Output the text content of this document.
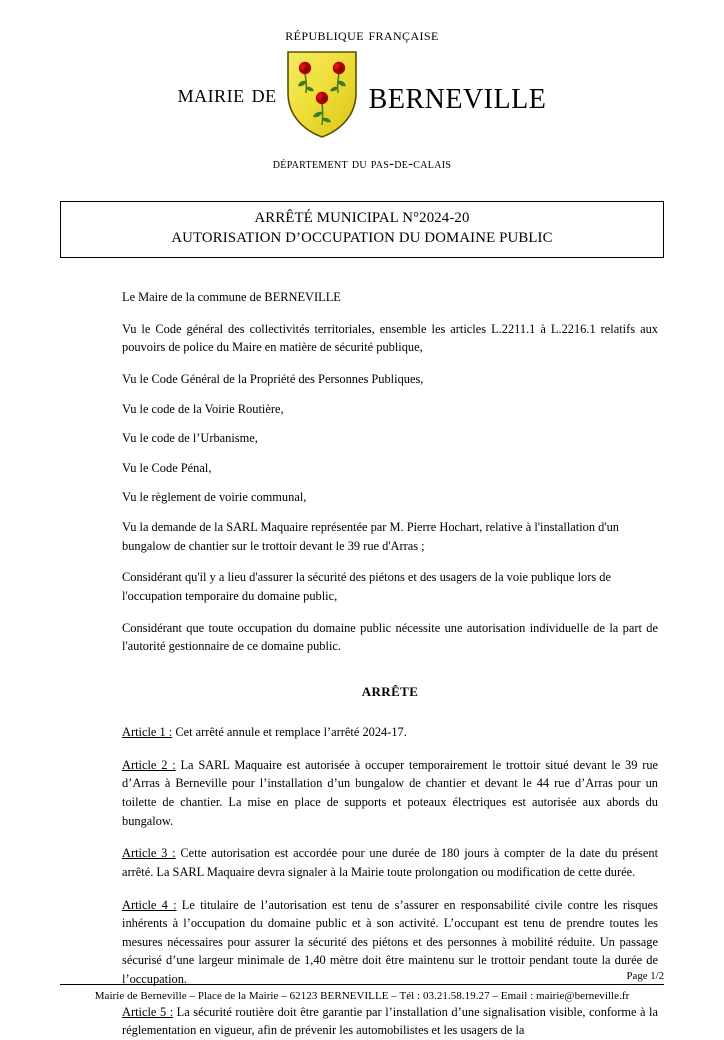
république française
mairie de berneville
département du pas-de-calais
ARRÊTÉ MUNICIPAL N°2024-20
AUTORISATION D’OCCUPATION DU DOMAINE PUBLIC
Le Maire de la commune de BERNEVILLE
Vu le Code général des collectivités territoriales, ensemble les articles L.2211.1 à L.2216.1 relatifs aux pouvoirs de police du Maire en matière de sécurité publique,
Vu le Code Général de la Propriété des Personnes Publiques,
Vu le code de la Voirie Routière,
Vu le code de l’Urbanisme,
Vu le Code Pénal,
Vu le règlement de voirie communal,
Vu la demande de la SARL Maquaire représentée par M. Pierre Hochart, relative à l'installation d'un bungalow de chantier sur le trottoir devant le 39 rue d'Arras ;
Considérant qu'il y a lieu d'assurer la sécurité des piétons et des usagers de la voie publique lors de l'occupation temporaire du domaine public,
Considérant que toute occupation du domaine public nécessite une autorisation individuelle de la part de l'autorité gestionnaire de ce domaine public.
ARRÊTE
Article 1 : Cet arrêté annule et remplace l’arrêté 2024-17.
Article 2 : La SARL Maquaire est autorisée à occuper temporairement le trottoir situé devant le 39 rue d’Arras à Berneville pour l’installation d’un bungalow de chantier et devant le 44 rue d’Arras pour un toilette de chantier. La mise en place de supports et poteaux électriques est autorisée aux abords du bungalow.
Article 3 : Cette autorisation est accordée pour une durée de 180 jours à compter de la date du présent arrêté. La SARL Maquaire devra signaler à la Mairie toute prolongation ou modification de cette durée.
Article 4 : Le titulaire de l’autorisation est tenu de s’assurer en responsabilité civile contre les risques inhérents à l’occupation du domaine public et à son activité. L’occupant est tenu de prendre toutes les mesures nécessaires pour assurer la sécurité des piétons et des personnes à mobilité réduite. Un passage sécurisé d’une largeur minimale de 1,40 mètre doit être maintenu sur le trottoir pendant toute la durée de l’occupation.
Article 5 : La sécurité routière doit être garantie par l’installation d’une signalisation visible, conforme à la réglementation en vigueur, afin de prévenir les automobilistes et les usagers de la
Page 1/2
Mairie de Berneville – Place de la Mairie – 62123 BERNEVILLE – Tél : 03.21.58.19.27 – Email : mairie@berneville.fr
